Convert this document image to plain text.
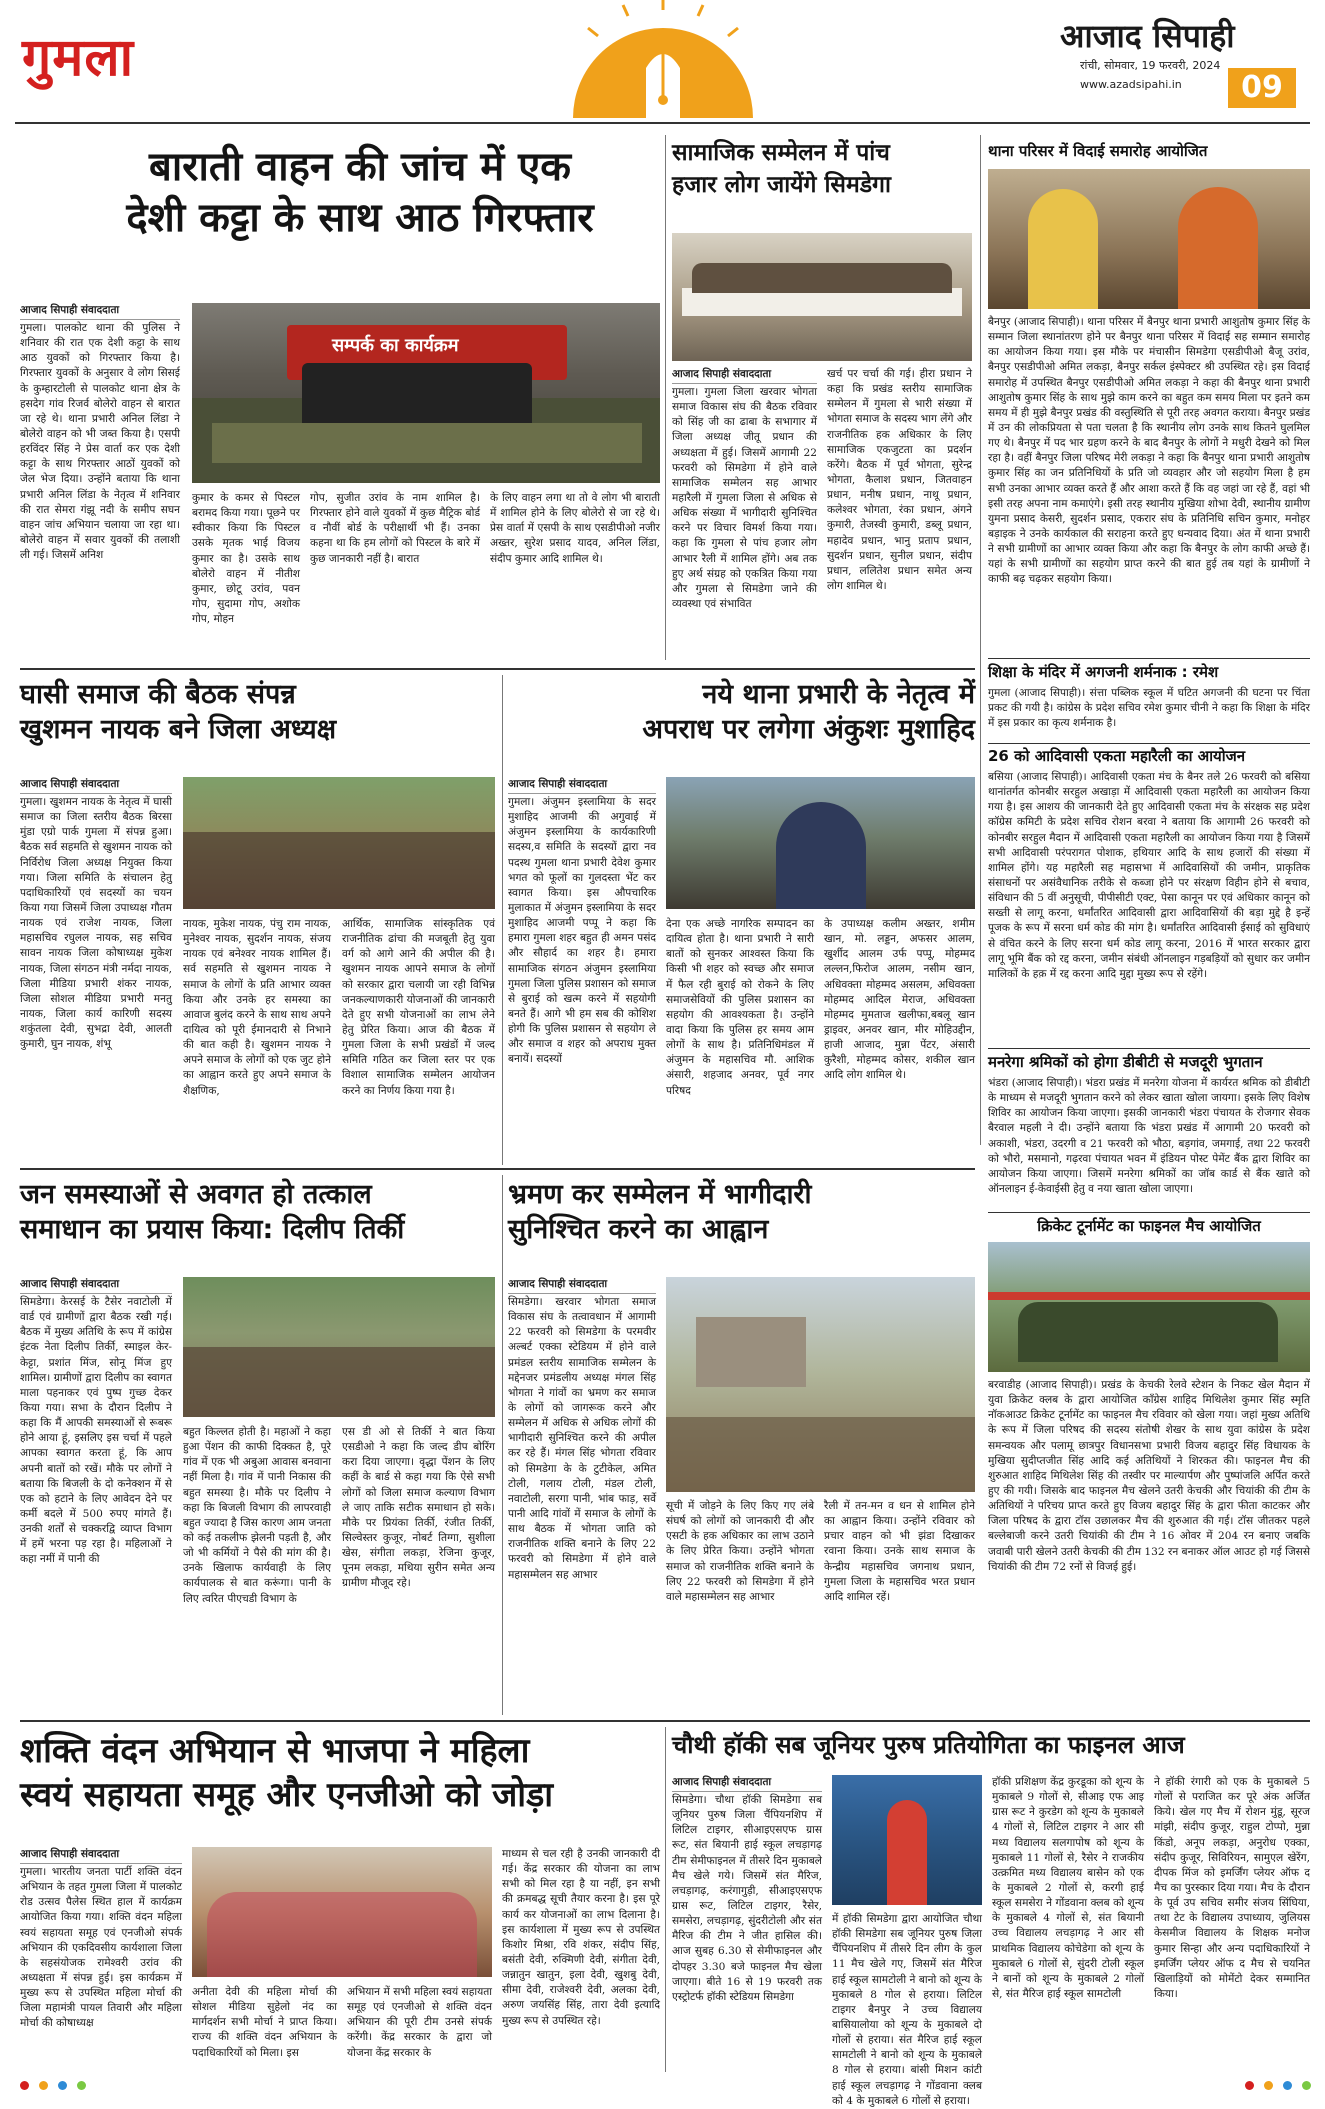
गुमला	आजाद सिपाही
रांची, सोमवार, 19 फरवरी, 2024
www.azadsipahi.in	09
बाराती वाहन की जांच में एक
देशी कट्टा के साथ आठ गिरफ्तार
आजाद सिपाही संवाददाता
गुमला। पालकोट थाना की पुलिस ने शनिवार की रात एक देशी कट्टा के साथ आठ युवकों को गिरफ्तार किया है। गिरफ्तार युवकों के अनुसार वे लोग सिसई के कुम्हारटोली से पालकोट थाना क्षेत्र के हसदेग गांव रिजर्व बोलेरो वाहन से बारात जा रहे थे। थाना प्रभारी अनिल लिंडा ने बोलेरो वाहन को भी जब्त किया है। एसपी हरविंदर सिंह ने प्रेस वार्ता कर एक देशी कट्टा के साथ गिरफ्तार आठों युवकों को जेल भेज दिया। उन्होंने बताया कि थाना प्रभारी अनिल लिंडा के नेतृत्व में शनिवार की रात सेमरा गंझू नदी के समीप सघन वाहन जांच अभियान चलाया जा रहा था। बोलेरो वाहन में सवार युवकों की तलाशी ली गई। जिसमें अनिश
सम्पर्क का कार्यक्रम
कुमार के कमर से पिस्टल बरामद किया गया। पूछने पर स्वीकार किया कि पिस्टल उसके मृतक भाई विजय कुमार का है। उसके साथ बोलेरो वाहन में नीतीश कुमार, छोटू उरांव, पवन गोप, सुदामा गोप, अशोक गोप, मोहन
गोप, सुजीत उरांव के नाम शामिल है। गिरफ्तार होने वाले युवकों में कुछ मैट्रिक बोर्ड व नौवीं बोर्ड के परीक्षार्थी भी हैं। उनका कहना था कि हम लोगों को पिस्टल के बारे में कुछ जानकारी नहीं है। बारात
के लिए वाहन लगा था तो वे लोग भी बाराती में शामिल होने के लिए बोलेरो से जा रहे थे। प्रेस वार्ता में एसपी के साथ एसडीपीओ नजीर अख्तर, सुरेश प्रसाद यादव, अनिल लिंडा, संदीप कुमार आदि शामिल थे।
सामाजिक सम्मेलन में पांच
हजार लोग जायेंगे सिमडेगा
आजाद सिपाही संवाददाता
गुमला। गुमला जिला खरवार भोगता समाज विकास संघ की बैठक रविवार को सिंह जी का ढाबा के सभागार में जिला अध्यक्ष जीतू प्रधान की अध्यक्षता में हुई। जिसमें आगामी 22 फरवरी को सिमडेगा में होने वाले सामाजिक सम्मेलन सह आभार महारैली में गुमला जिला से अधिक से अधिक संख्या में भागीदारी सुनिश्चित करने पर विचार विमर्श किया गया। कहा कि गुमला से पांच हजार लोग आभार रैली में शामिल होंगे। अब तक हुए अर्थ संग्रह को एकत्रित किया गया और गुमला से सिमडेगा जाने की व्यवस्था एवं संभावित
खर्च पर चर्चा की गई। हीरा प्रधान ने कहा कि प्रखंड स्तरीय सामाजिक सम्मेलन में गुमला से भारी संख्या में भोगता समाज के सदस्य भाग लेंगे और राजनीतिक हक अधिकार के लिए सामाजिक एकजुटता का प्रदर्शन करेंगे। बैठक में पूर्व भोगता, सुरेन्द्र भोगता, कैलाश प्रधान, जितवाहन प्रधान, मनीष प्रधान, नाथू प्रधान, कलेश्वर भोगता, रंका प्रधान, अंगने कुमारी, तेजस्वी कुमारी, डब्लू प्रधान, महादेव प्रधान, भानु प्रताप प्रधान, सुदर्शन प्रधान, सुनील प्रधान, संदीप प्रधान, ललितेश प्रधान समेत अन्य लोग शामिल थे।
थाना परिसर में विदाई समारोह आयोजित
बैनपुर (आजाद सिपाही)। थाना परिसर में बैनपुर थाना प्रभारी आशुतोष कुमार सिंह के सम्मान जिला स्थानांतरण होने पर बैनपुर थाना परिसर में विदाई सह सम्मान समारोह का आयोजन किया गया। इस मौके पर मंचासीन सिमडेगा एसडीपीओ बैजू उरांव, बैनपुर एसडीपीओ अमित लकड़ा, बैनपुर सर्कल इंस्पेक्टर श्री उपस्थित रहे। इस विदाई समारोह में उपस्थित बैनपुर एसडीपीओ अमित लकड़ा ने कहा की बैनपुर थाना प्रभारी आशुतोष कुमार सिंह के साथ मुझे काम करने का बहुत कम समय मिला पर इतने कम समय में ही मुझे बैनपुर प्रखंड की वस्तुस्थिति से पूरी तरह अवगत कराया। बैनपुर प्रखंड में उन की लोकप्रियता से पता चलता है कि स्थानीय लोग उनके साथ कितने घुलमिल गए थे। बैनपुर में पद भार ग्रहण करने के बाद बैनपुर के लोगों ने मधुरी देखने को मिल रहा है। वहीं बैनपुर जिला परिषद मेरी लकड़ा ने कहा कि बैनपुर थाना प्रभारी आशुतोष कुमार सिंह का जन प्रतिनिधियों के प्रति जो व्यवहार और जो सहयोग मिला है हम सभी उनका आभार व्यक्त करते हैं और आशा करते हैं कि वह जहां जा रहे हैं, वहां भी इसी तरह अपना नाम कमाएंगे। इसी तरह स्थानीय मुखिया शोभा देवी, स्थानीय ग्रामीण युमना प्रसाद केसरी, सुदर्शन प्रसाद, एकरार संघ के प्रतिनिधि सचिन कुमार, मनोहर बड़ाइक ने उनके कार्यकाल की सराहना करते हुए धन्यवाद दिया। अंत में थाना प्रभारी ने सभी ग्रामीणों का आभार व्यक्त किया और कहा कि बैनपुर के लोग काफी अच्छे हैं। यहां के सभी ग्रामीणों का सहयोग प्राप्त करने की बात हुई तब यहां के ग्रामीणों ने काफी बढ़ चढ़कर सहयोग किया।
शिक्षा के मंदिर में अगजनी शर्मनाक : रमेश
गुमला (आजाद सिपाही)। संत्ता पब्लिक स्कूल में घटित अगजनी की घटना पर चिंता प्रकट की गयी है। कांग्रेस के प्रदेश सचिव रमेश कुमार चीनी ने कहा कि शिक्षा के मंदिर में इस प्रकार का कृत्य शर्मनाक है।
26 को आदिवासी एकता महारैली का आयोजन
बसिया (आजाद सिपाही)। आदिवासी एकता मंच के बैनर तले 26 फरवरी को बसिया थानांतर्गत कोनबीर सरहुल अखाड़ा में आदिवासी एकता महारैली का आयोजन किया गया है। इस आशय की जानकारी देते हुए आदिवासी एकता मंच के संरक्षक सह प्रदेश कॉग्रेस कमिटी के प्रदेश सचिव रोशन बरवा ने बताया कि आगामी 26 फरवरी को कोनबीर सरहुल मैदान में आदिवासी एकता महारैली का आयोजन किया गया है जिसमें सभी आदिवासी परंपरागत पोशाक, हथियार आदि के साथ हजारों की संख्या में शामिल होंगे। यह महारैली सह महासभा में आदिवासियों की जमीन, प्राकृतिक संसाधनों पर असंवैधानिक तरीके से कब्जा होने पर संरक्षण विहीन होने से बचाव, संविधान की 5 वीं अनुसूची, पीपीसीटी एक्ट, पेसा कानून पर एवं अधिकार कानून को सख्ती से लागू करना, धर्मांतरित आदिवासी द्वारा आदिवासियों की बड़ा मुद्दे है इन्हें पूजक के रूप में सरना धर्म कोड की मांग है। धर्मांतरित आदिवासी ईसाई को सुविधाएं से वंचित करने के लिए सरना धर्म कोड लागू करना, 2016 में भारत सरकार द्वारा लागू भूमि बैंक को रद्द करना, जमीन संबंधी ऑनलाइन गड़बड़ियों को सुधार कर जमीन मालिकों के हक़ में रद्द करना आदि मुद्दा मुख्य रूप से रहेंगे।
मनरेगा श्रमिकों को होगा डीबीटी से मजदूरी भुगतान
भंडरा (आजाद सिपाही)। भंडरा प्रखंड में मनरेगा योजना में कार्यरत श्रमिक को डीबीटी के माध्यम से मजदूरी भुगतान करने को लेकर खाता खोला जायगा। इसके लिए विशेष शिविर का आयोजन किया जाएगा। इसकी जानकारी भंडरा पंचायत के रोजगार सेवक बैरवाल महली ने दी। उन्होंने बताया कि भंडरा प्रखंड में आगामी 20 फरवरी को अकाशी, भंडरा, उदरगी व 21 फरवरी को भौठा, बड़गांव, जमगाई, तथा 22 फरवरी को भौरो, मसमानो, गढ़रवा पंचायत भवन में इंडियन पोस्ट पेमेंट बैंक द्वारा शिविर का आयोजन किया जाएगा। जिसमें मनरेगा श्रमिकों का जॉब कार्ड से बैंक खाते को ऑनलाइन ई-केवाईसी हेतु व नया खाता खोला जाएगा।
क्रिकेट टूर्नामेंट का फाइनल मैच आयोजित
बरवाडीह (आजाद सिपाही)। प्रखंड के केचकी रेलवे स्टेशन के निकट खेल मैदान में युवा क्रिकेट क्लब के द्वारा आयोजित काँग्रेस शाहिद मिथिलेश कुमार सिंह स्मृति नॉकआउट क्रिकेट टूर्नामेंट का फाइनल मैच रविवार को खेला गया। जहां मुख्य अतिथि के रूप में जिला परिषद की सदस्य संतोषी शेखर के साथ युवा कांग्रेस के प्रदेश समन्वयक और पलामू छात्रपुर विधानसभा प्रभारी विजय बहादुर सिंह विधायक के मुखिया सुदीप्तजीत सिंह आदि कई अतिथियों ने शिरकत की। फाइनल मैच की शुरुआत शाहिद मिथिलेश सिंह की तस्वीर पर माल्यार्पण और पुष्पांजलि अर्पित करते हुए की गयी। जिसके बाद फाइनल मैच खेलने उतरी केचकी और चियांकी की टीम के अतिथियों ने परिचय प्राप्त करते हुए विजय बहादुर सिंह के द्वारा फीता काटकर और जिला परिषद के द्वारा टॉस उछालकर मैच की शुरुआत की गई। टॉस जीतकर पहले बल्लेबाजी करने उतरी चियांकी की टीम ने 16 ओवर में 204 रन बनाए जबकि जवाबी पारी खेलने उतरी केचकी की टीम 132 रन बनाकर ऑल आउट हो गई जिससे चियांकी की टीम 72 रनों से विजई हुई।
घासी समाज की बैठक संपन्न
खुशमन नायक बने जिला अध्यक्ष
आजाद सिपाही संवाददाता
गुमला। खुशमन नायक के नेतृत्व में घासी समाज का जिला स्तरीय बैठक बिरसा मुंडा एग्रो पार्क गुमला में संपन्न हुआ। बैठक सर्व सहमति से खुशमन नायक को निर्विरोध जिला अध्यक्ष नियुक्त किया गया। जिला समिति के संचालन हेतु पदाधिकारियों एवं सदस्यों का चयन किया गया जिसमें जिला उपाध्यक्ष गौतम नायक एवं राजेश नायक, जिला महासचिव रघुलल नायक, सह सचिव सावन नायक जिला कोषाध्यक्ष मुकेश नायक, जिला संगठन मंत्री नर्मदा नायक, जिला मीडिया प्रभारी शंकर नायक, जिला सोशल मीडिया प्रभारी मनतु नायक, जिला कार्य कारिणी सदस्य शकुंतला देवी, सुभद्रा देवी, आलती कुमारी, घुन नायक, शंभू
नायक, मुकेश नायक, पंचु राम नायक, मुनेश्वर नायक, सुदर्शन नायक, संजय नायक एवं बनेश्वर नायक शामिल हैं। सर्व सहमति से खुशमन नायक ने समाज के लोगों के प्रति आभार व्यक्त किया और उनके हर समस्या का आवाज बुलंद करने के साथ साथ अपने दायित्व को पूरी ईमानदारी से निभाने की बात कही है। खुशमन नायक ने अपने समाज के लोगों को एक जुट होने का आह्वान करते हुए अपने समाज के शैक्षणिक,
आर्थिक, सामाजिक सांस्कृतिक एवं राजनीतिक ढांचा की मजबूती हेतु युवा वर्ग को आगे आने की अपील की है। खुशमन नायक आपने समाज के लोगों को सरकार द्वारा चलायी जा रही विभिन्न जनकल्याणकारी योजनाओं की जानकारी देते हुए सभी योजनाओं का लाभ लेने हेतु प्रेरित किया। आज की बैठक में गुमला जिला के सभी प्रखंडों में जल्द समिति गठित कर जिला स्तर पर एक विशाल सामाजिक सम्मेलन आयोजन करने का निर्णय किया गया है।
नये थाना प्रभारी के नेतृत्व में
अपराध पर लगेगा अंकुशः मुशाहिद
आजाद सिपाही संवाददाता
गुमला। अंजुमन इस्लामिया के सदर मुशाहिद आजमी की अगुवाई में अंजुमन इस्लामिया के कार्यकारिणी सदस्य,व समिति के सदस्यों द्वारा नव पदस्थ गुमला थाना प्रभारी देवेश कुमार भगत को फूलों का गुलदस्ता भेंट कर स्वागत किया। इस औपचारिक मुलाकात में अंजुमन इस्लामिया के सदर मुशाहिद आजमी पप्पू ने कहा कि हमारा गुमला शहर बहुत ही अमन पसंद और सौहार्द का शहर है। हमारा सामाजिक संगठन अंजुमन इस्लामिया गुमला जिला पुलिस प्रशासन को समाज से बुराई को खत्म करने में सहयोगी बनते हैं। आगे भी हम सब की कोशिश होगी कि पुलिस प्रशासन से सहयोग ले और समाज व शहर को अपराध मुक्त बनायें। सदस्यों
देना एक अच्छे नागरिक सम्पादन का दायित्व होता है। थाना प्रभारी ने सारी बातों को सुनकर आश्वस्त किया कि किसी भी शहर को स्वच्छ और समाज में फैल रही बुराई को रोकने के लिए समाजसेवियों की पुलिस प्रशासन का सहयोग की आवश्यकता है। उन्होंने वादा किया कि पुलिस हर समय आम लोगों के साथ है। प्रतिनिधिमंडल में अंजुमन के महासचिव मौ. आशिक अंसारी, शहजाद अनवर, पूर्व नगर परिषद
के उपाध्यक्ष कलीम अख्तर, शमीम खान, मो. लड्डन, अफसर आलम, खुर्शीद आलम उर्फ पप्पू, मोहम्मद लल्लन,फिरोज आलम, नसीम खान, अधिवक्ता मोहम्मद असलम, अधिवक्ता मोहम्मद आदिल मेराज, अधिवक्ता मोहम्मद मुमताज खलीफा,बबलू खान ड्राइवर, अनवर खान, मीर मोहिउद्दीन, हाजी आजाद, मुन्ना पेंटर, अंसारी कुरैशी, मोहम्मद कोसर, शकील खान आदि लोग शामिल थे।
जन समस्याओं से अवगत हो तत्काल
समाधान का प्रयास किया: दिलीप तिर्की
आजाद सिपाही संवाददाता
सिमडेगा। केरसई के टैसेर नवाटोली में वार्ड एवं ग्रामीणों द्वारा बैठक रखी गई। बैठक में मुख्य अतिथि के रूप में कांग्रेस इंटक नेता दिलीप तिर्की, स्माइल केर-केट्टा, प्रशांत मिंज, सोनू मिंज हुए शामिल। ग्रामीणों द्वारा दिलीप का स्वागत माला पहनाकर एवं पुष्प गुच्छ देकर किया गया। सभा के दौरान दिलीप ने कहा कि मैं आपकी समस्याओं से रूबरू होने आया हूं, इसलिए इस चर्चा में पहले आपका स्वागत करता हूं, कि आप अपनी बातों को रखें। मौके पर लोगों ने बताया कि बिजली के दो कनेक्शन में से एक को हटाने के लिए आवेदन देने पर कर्मी बदले में 500 रुपए मांगते हैं। उनकी शर्तों से चक्करद्वि व्याप्त विभाग में हमें भरना पड़ रहा है। महिलाओं ने कहा नमीं में पानी की
बहुत किल्लत होती है। महाओं ने कहा हुआ पेंशन की काफी दिक्कत है, पूरे गांव में एक भी अबुआ आवास बनवाना नहीं मिला है। गांव में पानी निकास की बहुत समस्या है। मौके पर दिलीप ने कहा कि बिजली विभाग की लापरवाही बहुत ज्यादा है जिस कारण आम जनता को कई तकलीफ झेलनी पड़ती है, और जो भी कर्मियों ने पैसे की मांग की है। उनके खिलाफ कार्यवाही के लिए कार्यपालक से बात करूंगा। पानी के लिए त्वरित पीएचडी विभाग के
एस डी ओ से तिर्की ने बात किया एसडीओ ने कहा कि जल्द डीप बोरिंग करा दिया जाएगा। वृद्धा पेंशन के लिए कहीं के बार्ड से कहा गया कि ऐसे सभी लोगों को जिला समाज कल्याण विभाग ले जाए ताकि सटीक समाधान हो सके। मौके पर प्रियंका तिर्की, रंजीत तिर्की, सिल्वेस्तर कुजूर, नोबर्ट तिग्गा, सुशीला खेस, संगीता लकड़ा, रेजिना कुजूर, पूनम लकड़ा, मथिया सुरीन समेत अन्य ग्रामीण मौजूद रहे।
भ्रमण कर सम्मेलन में भागीदारी
सुनिश्चित करने का आह्वान
आजाद सिपाही संवाददाता
सिमडेगा। खरवार भोगता समाज विकास संघ के तत्वावधान में आगामी 22 फरवरी को सिमडेगा के परमवीर अल्बर्ट एक्का स्टेडियम में होने वाले प्रमंडल स्तरीय सामाजिक सम्मेलन के मद्देनजर प्रमंडलीय अध्यक्ष मंगल सिंह भोगता ने गांवों का भ्रमण कर समाज के लोगों को जागरूक करने और सम्मेलन में अधिक से अधिक लोगों की भागीदारी सुनिश्चित करने की अपील कर रहे हैं। मंगल सिंह भोगता रविवार को सिमडेगा के के टुटीकेल, अमित टोली, गलाय टोली, मंडल टोली, नवाटोली, सरगा पानी, भांब फाड़, सर्वे पानी आदि गांवों में समाज के लोगों के साथ बैठक में भोगता जाति को राजनीतिक शक्ति बनाने के लिए 22 फरवरी को सिमडेगा में होने वाले महासम्मेलन सह आभार
सूची में जोड़ने के लिए किए गए लंबे संघर्ष को लोगों को जानकारी दी और एसटी के हक अधिकार का लाभ उठाने के लिए प्रेरित किया। उन्होंने भोगता समाज को राजनीतिक शक्ति बनाने के लिए 22 फरवरी को सिमडेगा में होने वाले महासम्मेलन सह आभार
रैली में तन-मन व धन से शामिल होने का आह्वान किया। उन्होंने रविवार को प्रचार वाहन को भी झंडा दिखाकर रवाना किया। उनके साथ समाज के केन्द्रीय महासचिव जगनाथ प्रधान, गुमला जिला के महासचिव भरत प्रधान आदि शामिल रहें।
शक्ति वंदन अभियान से भाजपा ने महिला
स्वयं सहायता समूह और एनजीओ को जोड़ा
आजाद सिपाही संवाददाता
गुमला। भारतीय जनता पार्टी शक्ति वंदन अभियान के तहत गुमला जिला में पालकोट रोड उत्सव पैलेस स्थित हाल में कार्यक्रम आयोजित किया गया। शक्ति वंदन महिला स्वयं सहायता समूह एवं एनजीओ संपर्क अभियान की एकदिवसीय कार्यशाला जिला के सहसंयोजक रामेश्वरी उरांव की अध्यक्षता में संपन्न हुई। इस कार्यक्रम में मुख्य रूप से उपस्थित महिला मोर्चा की जिला महामंत्री पायल तिवारी और महिला मोर्चा की कोषाध्यक्ष
अनीता देवी की महिला मोर्चा की सोशल मीडिया सुहेलो नंद का मार्गदर्शन सभी मोर्चा ने प्राप्त किया। राज्य की शक्ति वंदन अभियान के पदाधिकारियों को मिला। इस
अभियान में सभी महिला स्वयं सहायता समूह एवं एनजीओ से शक्ति वंदन अभियान की पूरी टीम उनसे संपर्क करेंगी। केंद्र सरकार के द्वारा जो योजना केंद्र सरकार के
माध्यम से चल रही है उनकी जानकारी दी गई। केंद्र सरकार की योजना का लाभ सभी को मिल रहा है या नहीं, इन सभी की क्रमबद्ध सूची तैयार करना है। इस पूरे कार्य कर योजनाओं का लाभ दिलाना है। इस कार्यशाला में मुख्य रूप से उपस्थित किशोर मिश्रा, रवि शंकर, संदीप सिंह, बसंती देवी, रुक्मिणी देवी, संगीता देवी, जन्नातुन खातुन, इला देवी, खुशबु देवी, सीमा देवी, राजेश्वरी देवी, अलका देवी, अरुण जयसिंह सिंह, तारा देवी इत्यादि मुख्य रूप से उपस्थित रहे।
चौथी हॉकी सब जूनियर पुरुष प्रतियोगिता का फाइनल आज
आजाद सिपाही संवाददाता
सिमडेगा। चौथा हॉकी सिमडेगा सब जूनियर पुरुष जिला चैंपियनशिप में लिटिल टाइगर, सीआइएसएफ ग्रास रूट, संत बियानी हाई स्कूल लचड़ागढ़ टीम सेमीफाइनल में तीसरे दिन मुकाबले मैच खेले गये। जिसमें संत मैरिज, लचड़ागढ़, करंगागुड़ी, सीआइएसएफ ग्रास रूट, लिटिल टाइगर, रैसेर, समसेरा, लचड़ागढ़, सुंदरीटोली और संत मैरिज की टीम ने जीत हासिल की। आज सुबह 6.30 से सेमीफाइनल और दोपहर 3.30 बजे फाइनल मैच खेला जाएगा। बीते 16 से 19 फरवरी तक एस्ट्रोटर्फ हॉकी स्टेडियम सिमडेगा
में हॉकी सिमडेगा द्वारा आयोजित चौथा हॉकी सिमडेगा सब जूनियर पुरुष जिला चैंपियनशिप में तीसरे दिन लीग के कुल 11 मैच खेले गए, जिसमें संत मैरिज हाई स्कूल सामटोली ने बानो को शून्य के मुकाबले 8 गोल से हराया। लिटिल टाइगर बैनपुर ने उच्च विद्यालय बासियालोया को शून्य के मुकाबले दो गोलों से हराया। संत मैरिज हाई स्कूल सामटोली ने बानो को शून्य के मुकाबले 8 गोल से हराया। बांसी मिशन कांटी हाई स्कूल लचड़ागढ़ ने गोंडवाना क्लब को 4 के मुकाबले 6 गोलों से हराया।
हॉकी प्रशिक्षण केंद्र कुरडूका को शून्य के मुकाबले 9 गोलों से, सीआइ एफ आइ ग्रास रूट ने कुरडेग को शून्य के मुकाबले 4 गोलों से, लिटिल टाइगर ने आर सी मध्य विद्यालय सलगापोष को शून्य के मुकाबले 11 गोलों से, रैसेर ने राजकीय उत्क्रमित मध्य विद्यालय बासेन को एक के मुकाबले 2 गोलों से, करगी हाई स्कूल समसेरा ने गोंडवाना क्लब को शून्य के मुकाबले 4 गोलों से, संत बियानी उच्च विद्यालय लचड़ागढ़ ने आर सी प्राथमिक विद्यालय कोचेडेगा को शून्य के मुकाबले 6 गोलों से, सुंदरी टोली स्कूल ने बानों को शून्य के मुकाबले 2 गोलों से, संत मैरिज हाई स्कूल सामटोली
ने हॉकी रंगारी को एक के मुकाबले 5 गोलों से पराजित कर पूरे अंक अर्जित किये। खेल गए मैच में रोशन मुंडू, सूरज मांझी, संदीप कुजूर, राहुल टोप्पो, मुन्ना किंडो, अनूप लकड़ा, अनुरोध एक्का, संदीप कुजूर, सिविरियन, सामुएल खेरेंग, दीपक मिंज को इमर्जिंग प्लेयर ऑफ द मैच का पुरस्कार दिया गया। मैच के दौरान के पूर्व उप सचिव समीर संजय सिंघिया, तथा टेट के विद्यालय उपाध्याय, जुलियस केसमीज विद्यालय के शिक्षक मनोज कुमार सिन्हा और अन्य पदाधिकारियों ने इमर्जिंग प्लेयर ऑफ द मैच से चयनित खिलाड़ियों को मोमेंटो देकर सम्मानित किया।
